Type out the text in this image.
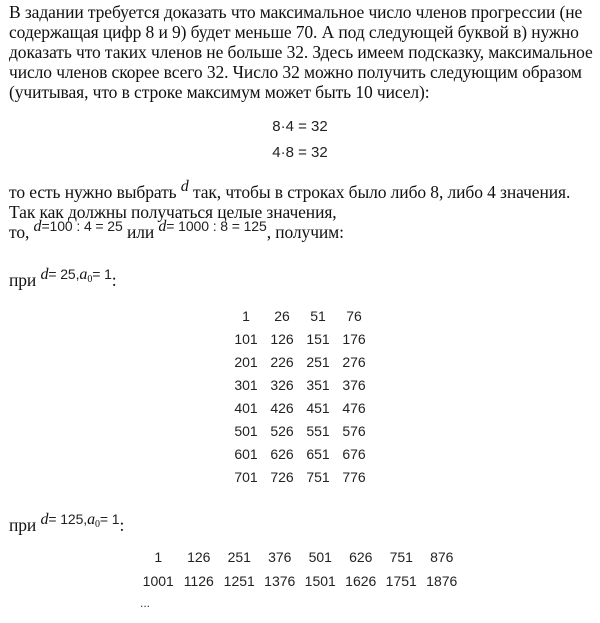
В задании требуется доказать что максимальное число членов прогрессии (не
содержащая цифр 8 и 9) будет меньше 70. А под следующей буквой в) нужно
доказать что таких членов не больше 32. Здесь имеем подсказку, максимальное
число членов скорее всего 32. Число 32 можно получить следующим образом
(учитывая, что в строке максимум может быть 10 чисел):
8·4 = 32
4·8 = 32
то есть нужно выбрать d так, чтобы в строках было либо 8, либо 4 значения.
Так как должны получаться целые значения,
то, d=100 : 4 = 25 или d= 1000 : 8 = 125, получим:
при d= 25,a0= 1:
1	26	51	76
101	126	151	176
201	226	251	276
301	326	351	376
401	426	451	476
501	526	551	576
601	626	651	676
701	726	751	776
при d= 125,a0= 1:
1	126	251	376	501	626	751	876
1001	1126	1251	1376	1501	1626	1751	1876
...
